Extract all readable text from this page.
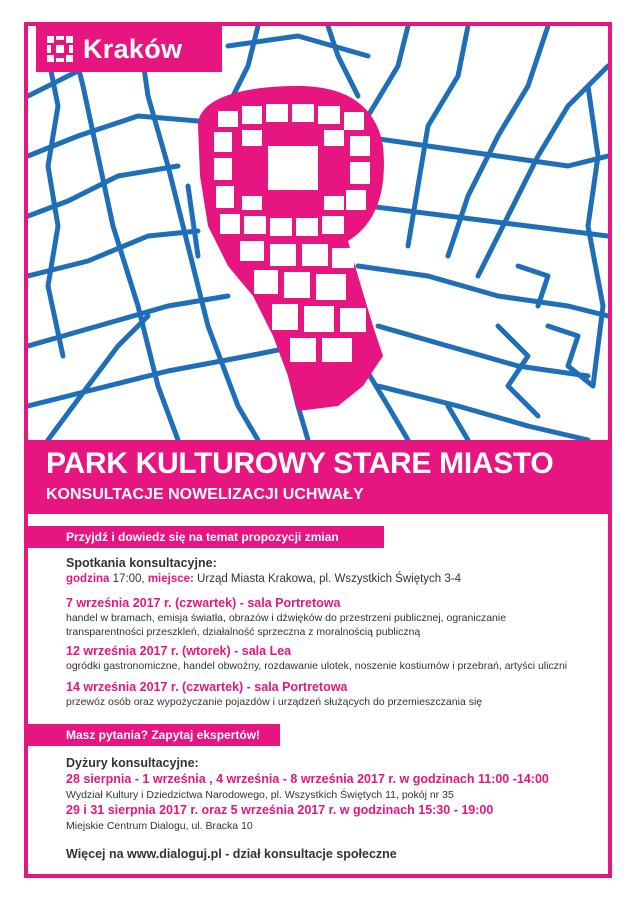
Kraków
PARK KULTUROWY STARE MIASTO
KONSULTACJE NOWELIZACJI UCHWAŁY
Przyjdź i dowiedz się na temat propozycji zmian
Spotkania konsultacyjne:
godzina 17:00, miejsce: Urząd Miasta Krakowa, pl. Wszystkich Świętych 3-4
7 września 2017 r. (czwartek) - sala Portretowa
handel w bramach, emisja światła, obrazów i dźwięków do przestrzeni publicznej, ograniczanie
transparentności przeszkleń, działalność sprzeczna z moralnością publiczną
12 września 2017 r. (wtorek) - sala Lea
ogródki gastronomiczne, handel obwoźny, rozdawanie ulotek, noszenie kostiumów i przebrań, artyści uliczni
14 września 2017 r. (czwartek) - sala Portretowa
przewóz osób oraz wypożyczanie pojazdów i urządzeń służących do przemieszczania się
Masz pytania? Zapytaj ekspertów!
Dyżury konsultacyjne:
28 sierpnia - 1 września , 4 września - 8 września 2017 r. w godzinach 11:00 -14:00
Wydział Kultury i Dziedzictwa Narodowego, pl. Wszystkich Świętych 11, pokój nr 35
29 i 31 sierpnia 2017 r. oraz 5 września 2017 r. w godzinach 15:30 - 19:00
Miejskie Centrum Dialogu, ul. Bracka 10
Więcej na www.dialoguj.pl - dział konsultacje społeczne
